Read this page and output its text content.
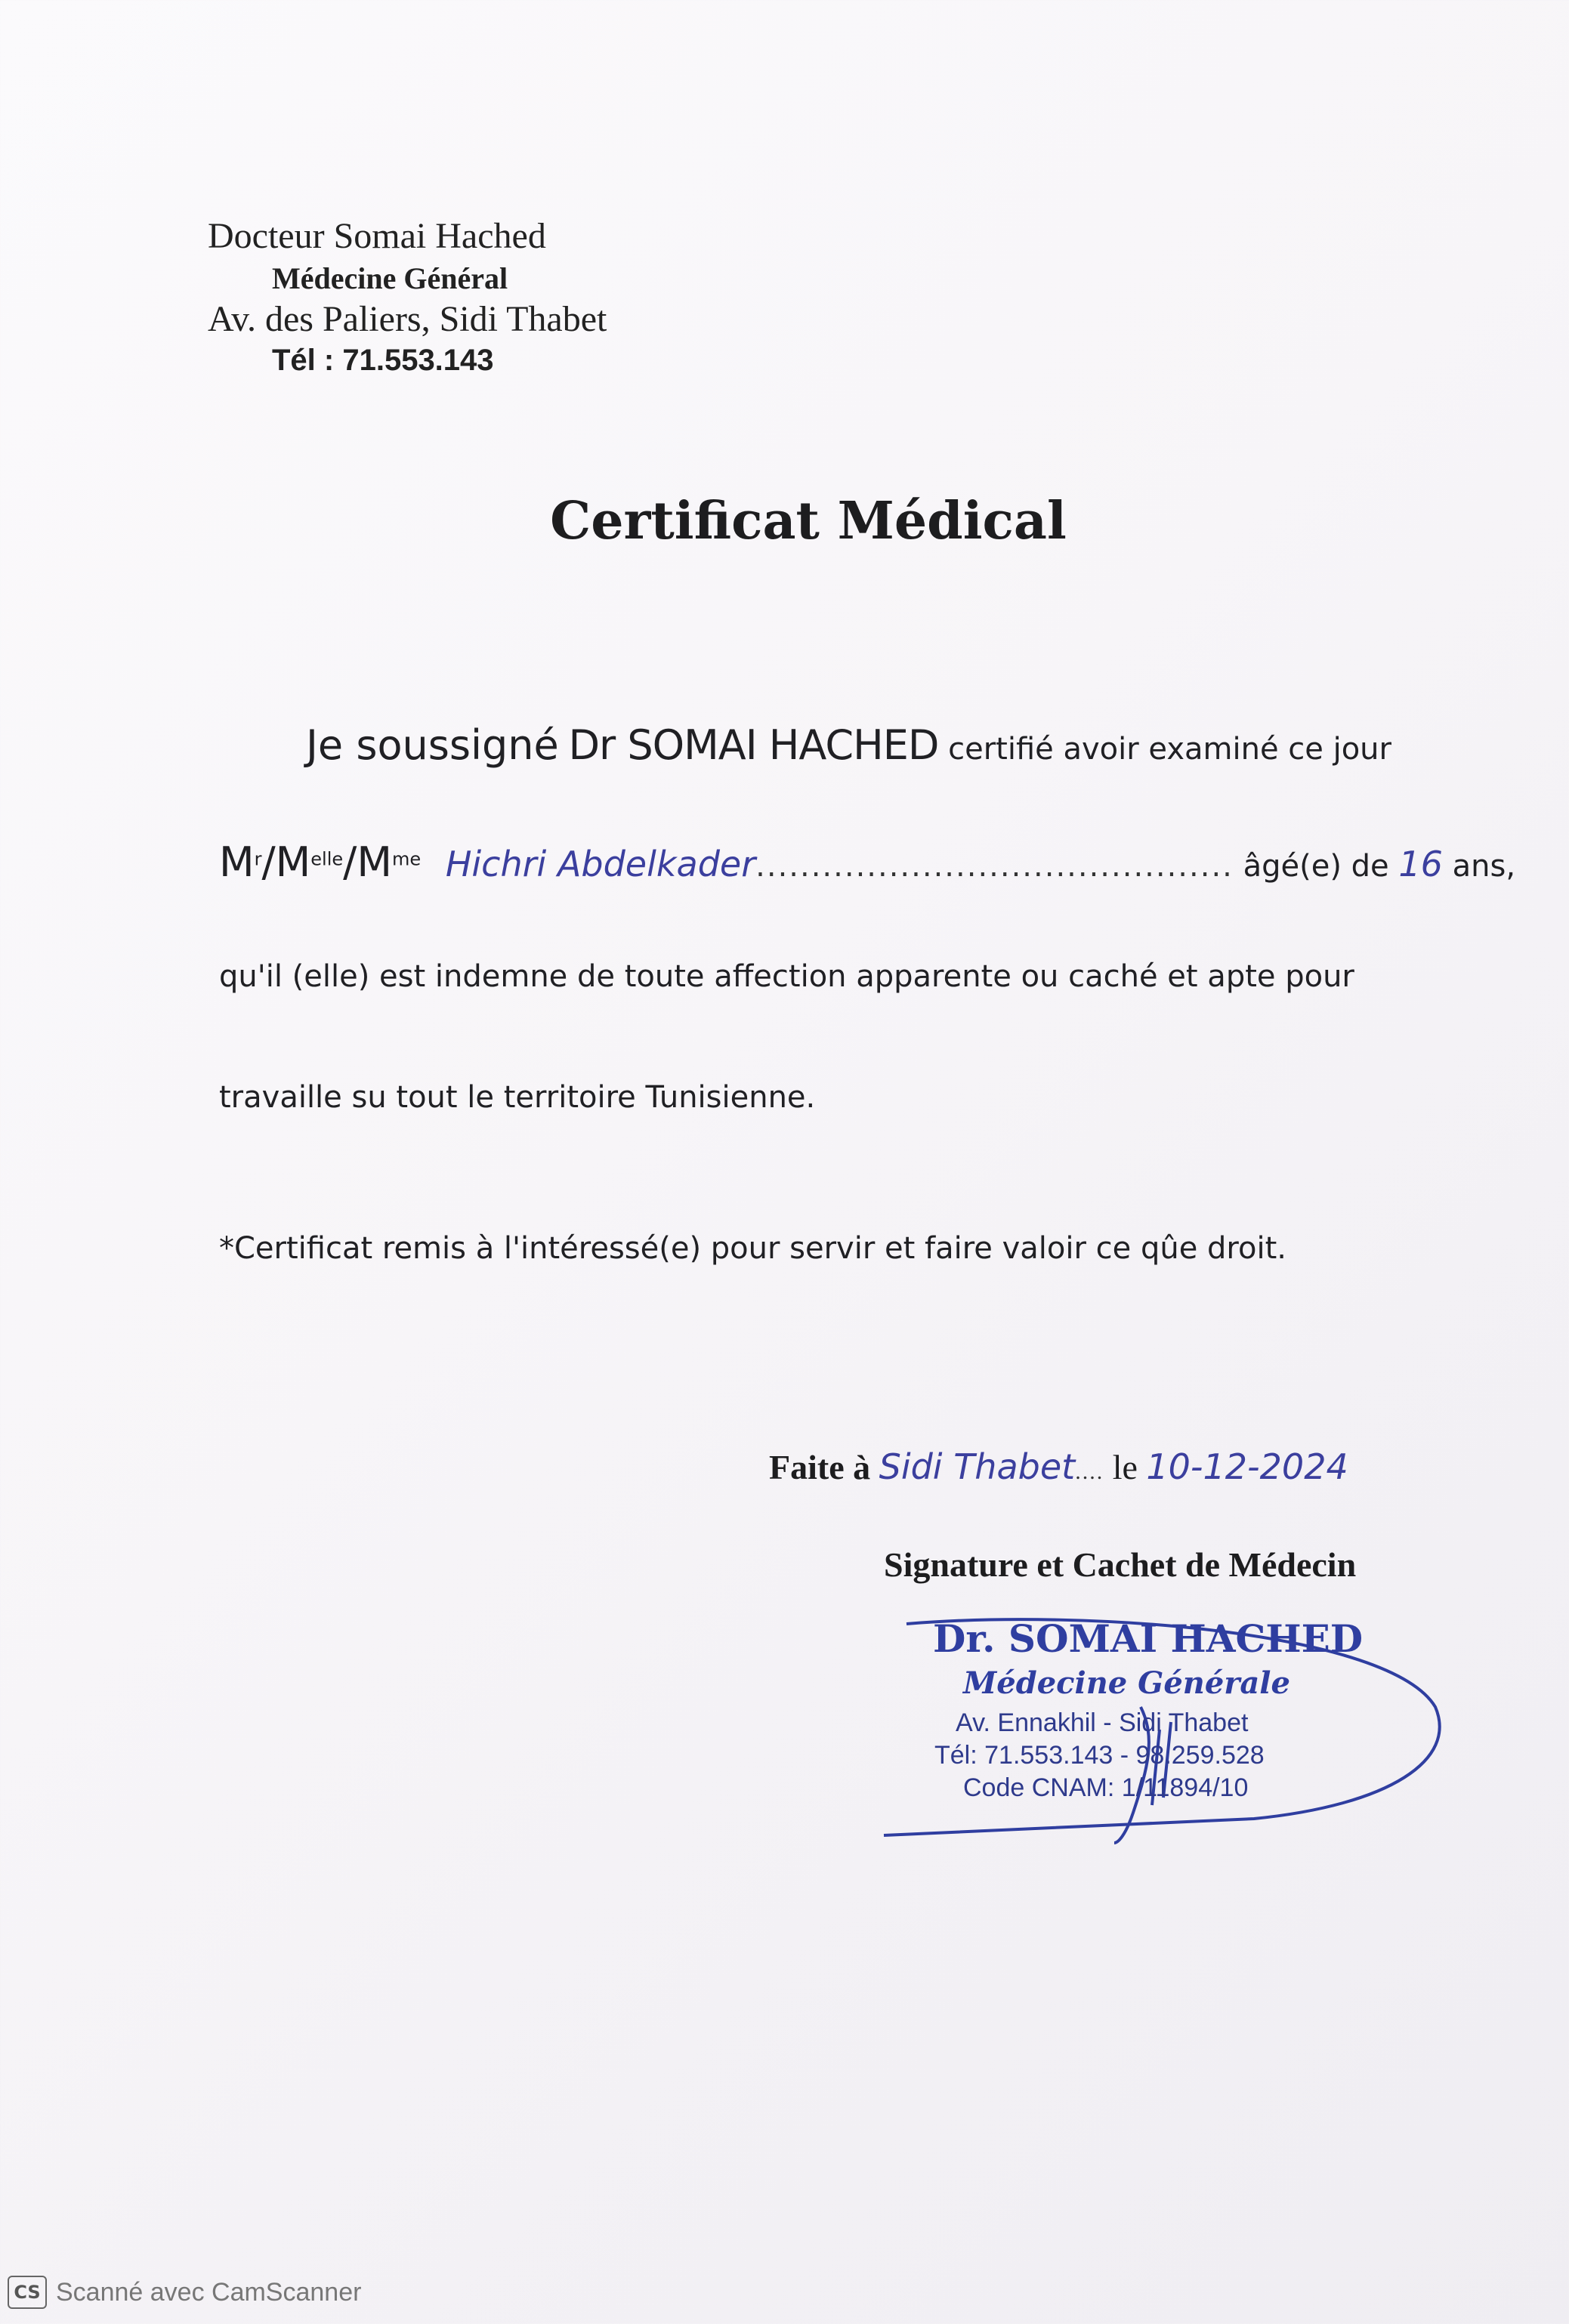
Docteur Somai Hached
Médecine Général
Av. des Paliers, Sidi Thabet
Tél : 71.553.143
Certificat Médical
Je soussigné Dr SOMAI HACHED certifié avoir examiné ce jour
$M^r/M^{elle}/M^{me}$ Hichri Abdelkader........................................... âgé(e) de 16 ans,
qu'il (elle) est indemne de toute affection apparente ou caché et apte pour
travaille su tout le territoire Tunisienne.
*Certificat remis à l'intéressé(e) pour servir et faire valoir ce qûe droit.
Faite à Sidi Thabet.... le 10-12-2024
Signature et Cachet de Médecin
Dr. SOMAI HACHED
Médecine Générale
Av. Ennakhil - Sidi Thabet
Tél: 71.553.143 - 98.259.528
Code CNAM: 1/11894/10
CS Scanné avec CamScanner
